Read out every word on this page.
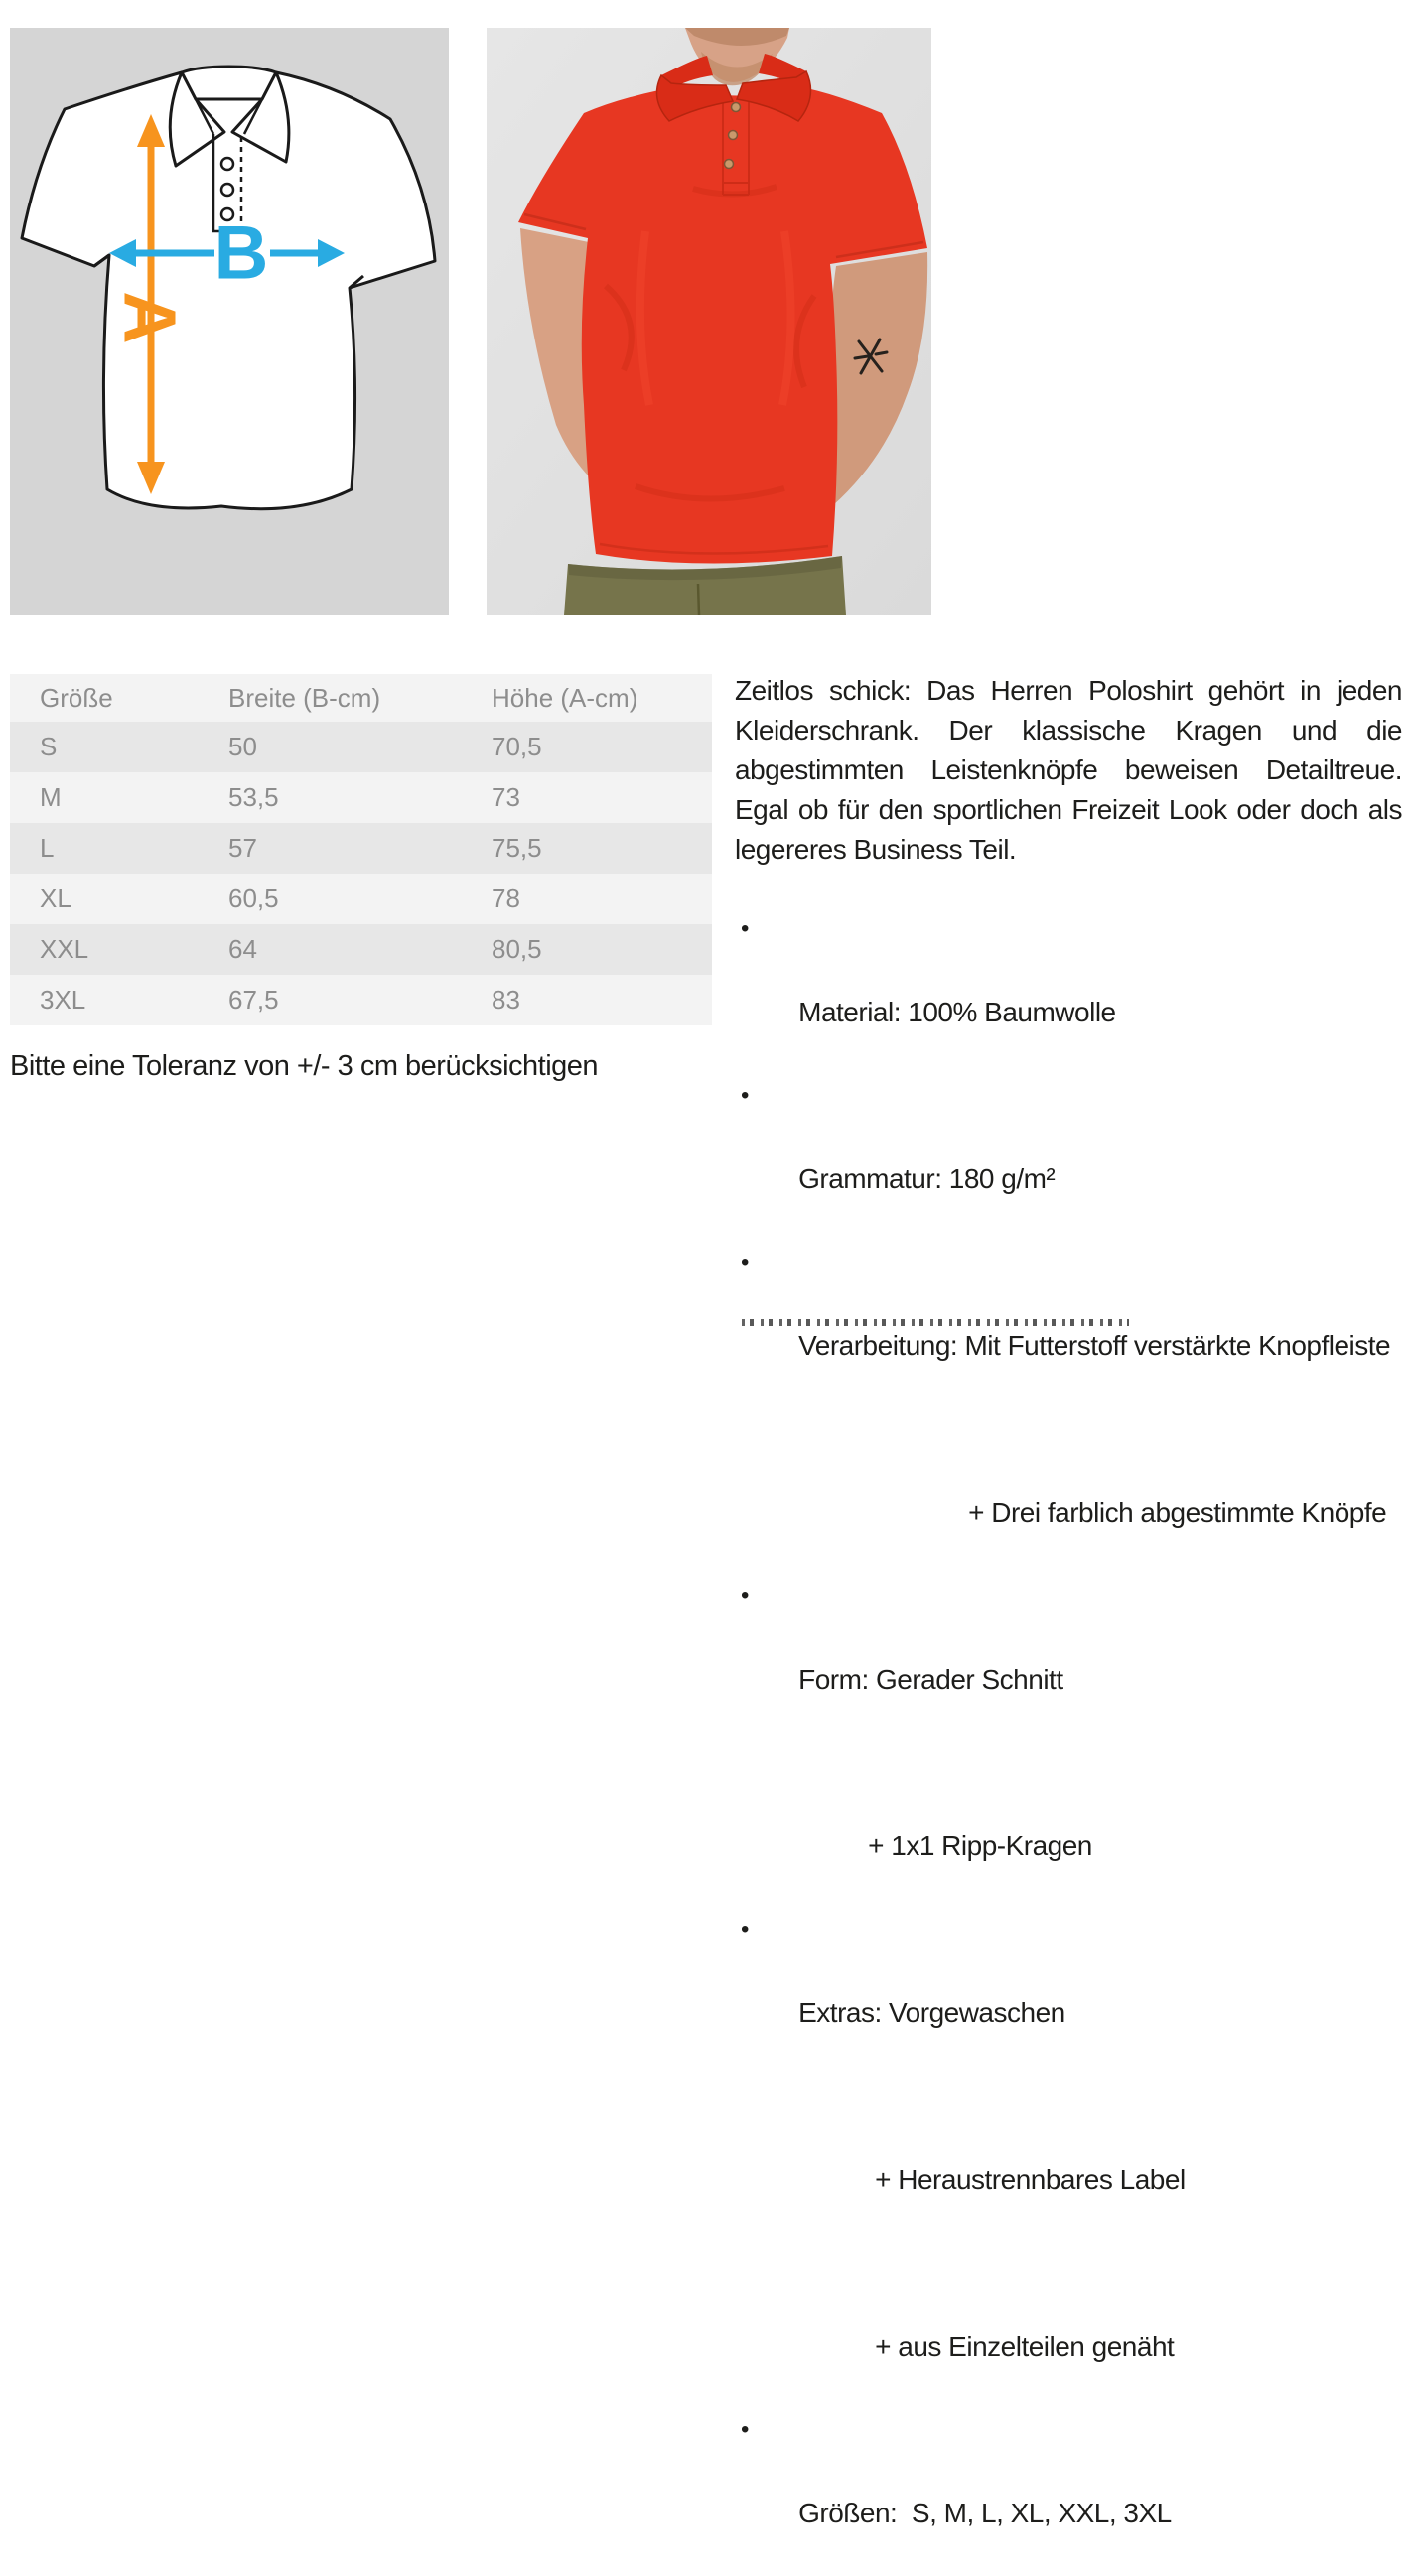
A
B
Größe	Breite (B-cm)	Höhe (A-cm)
S	50	70,5
M	53,5	73
L	57	75,5
XL	60,5	78
XXL	64	80,5
3XL	67,5	83

Bitte eine Toleranz von +/- 3 cm berücksichtigen

Zeitlos schick: Das Herren Poloshirt gehört in jeden Kleiderschrank. Der klassische Kragen und die abgestimmten Leistenknöpfe beweisen Detailtreue. Egal ob für den sportlichen Freizeit Look oder doch als legereres Business Teil.

•

Material: 100% Baumwolle

•

Grammatur: 180 g/m²

•

Verarbeitung: Mit Futterstoff verstärkte Knopfleiste

+ Drei farblich abgestimmte Knöpfe

•

Form: Gerader Schnitt

+ 1x1 Ripp-Kragen

•

Extras: Vorgewaschen

+ Heraustrennbares Label

+ aus Einzelteilen genäht

•

Größen:  S, M, L, XL, XXL, 3XL
